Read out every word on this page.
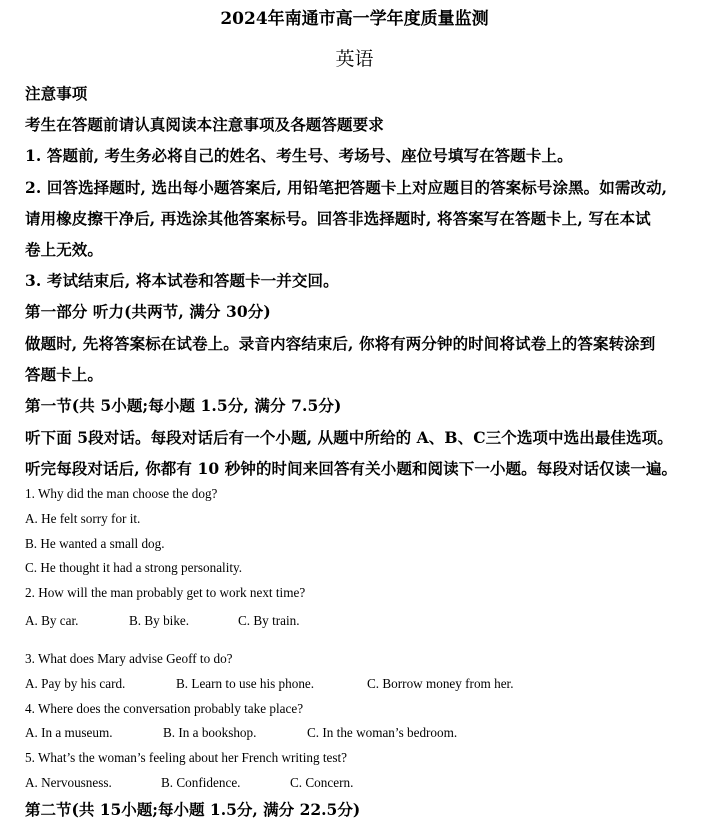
2024年南通市高一学年度质量监测
英语
注意事项
考生在答题前请认真阅读本注意事项及各题答题要求
1. 答题前, 考生务必将自己的姓名、考生号、考场号、座位号填写在答题卡上。
2. 回答选择题时, 选出每小题答案后, 用铅笔把答题卡上对应题目的答案标号涂黑。如需改动,
请用橡皮擦干净后, 再选涂其他答案标号。回答非选择题时, 将答案写在答题卡上, 写在本试
卷上无效。
3. 考试结束后, 将本试卷和答题卡一并交回。
第一部分 听力(共两节, 满分 30分)
做题时, 先将答案标在试卷上。录音内容结束后, 你将有两分钟的时间将试卷上的答案转涂到
答题卡上。
第一节(共 5小题;每小题 1.5分, 满分 7.5分)
听下面 5段对话。每段对话后有一个小题, 从题中所给的 A、B、C三个选项中选出最佳选项。
听完每段对话后, 你都有 10 秒钟的时间来回答有关小题和阅读下一小题。每段对话仅读一遍。
1. Why did the man choose the dog?
A. He felt sorry for it.
B. He wanted a small dog.
C. He thought it had a strong personality.
2. How will the man probably get to work next time?
A. By car.	B. By bike.	C. By train.
3. What does Mary advise Geoff to do?
A. Pay by his card.	B. Learn to use his phone.	C. Borrow money from her.
4. Where does the conversation probably take place?
A. In a museum.	B. In a bookshop.	C. In the woman’s bedroom.
5. What’s the woman’s feeling about her French writing test?
A. Nervousness.	B. Confidence.	C. Concern.
第二节(共 15小题;每小题 1.5分, 满分 22.5分)
